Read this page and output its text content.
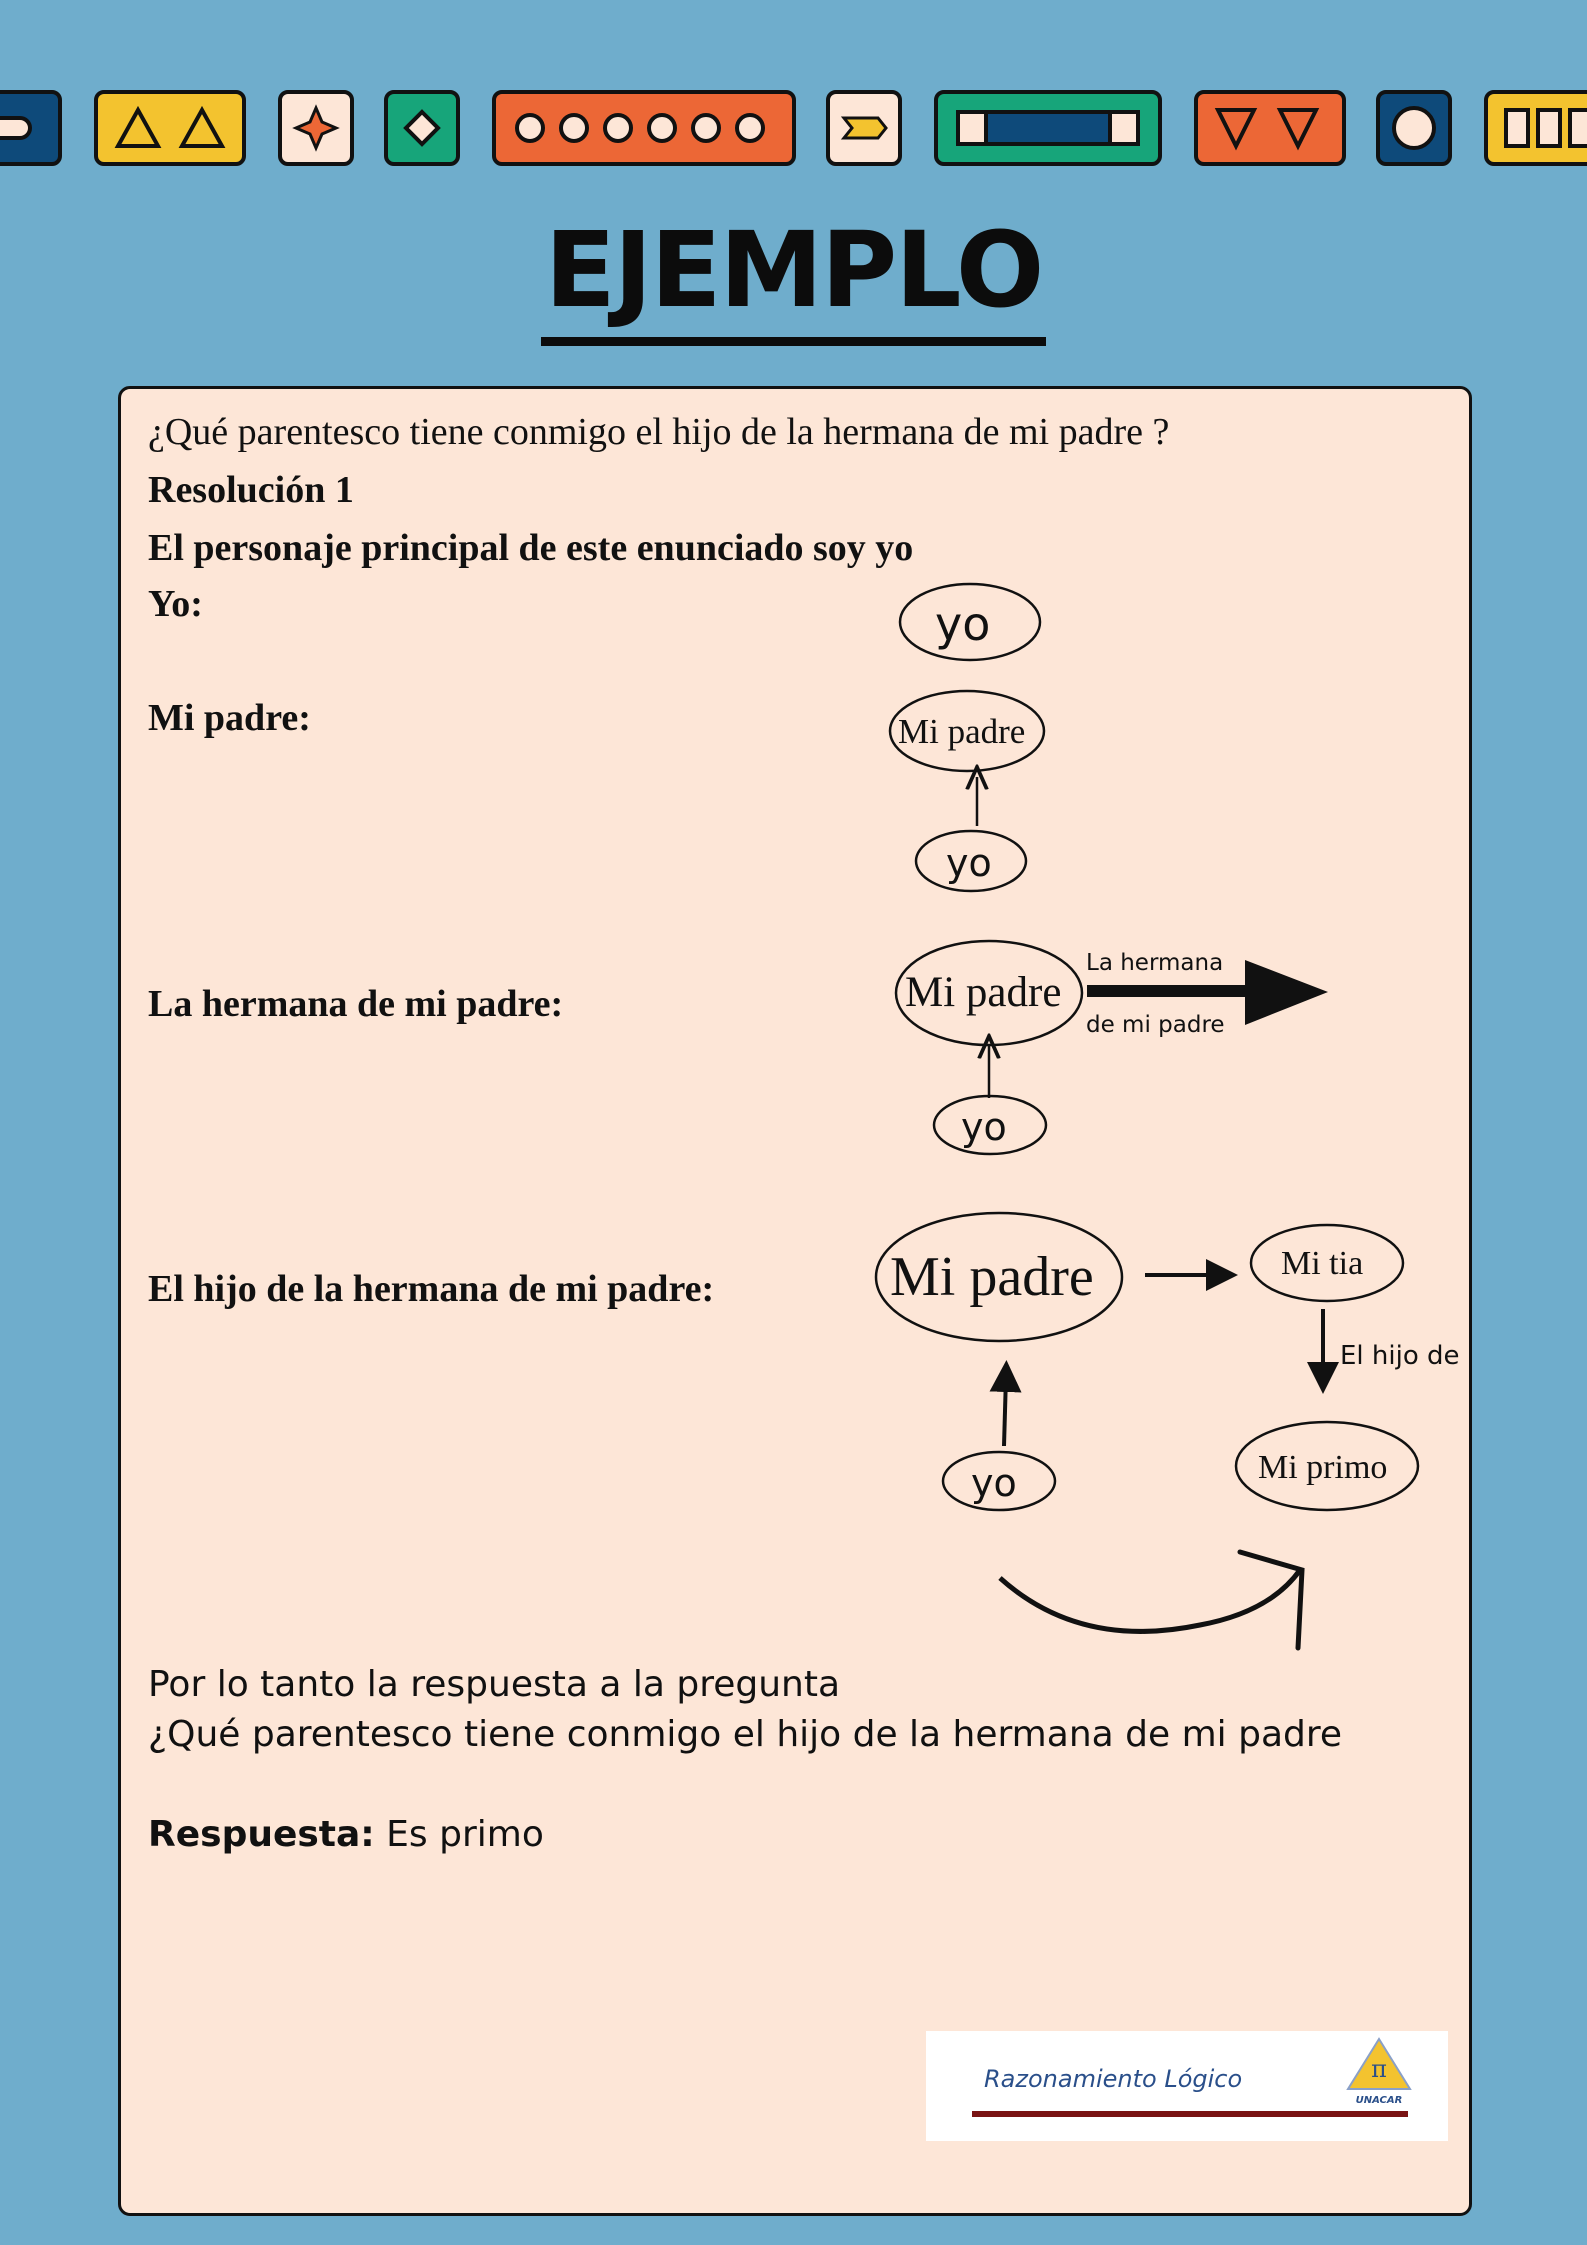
EJEMPLO
¿Qué parentesco tiene conmigo el hijo de la hermana de mi padre ?
Resolución 1
El personaje principal de este enunciado soy yo
Yo:
Mi padre:
La hermana de mi padre:
El hijo de la hermana de mi padre:
yo
Mi padre
yo
Mi padre
La hermana
de mi padre
yo
Mi padre	Mi tia
El hijo de
yo	Mi primo
Por lo tanto la respuesta a la pregunta
¿Qué parentesco tiene conmigo el hijo de la hermana de mi padre
Respuesta: Es primo
Razonamiento Lógico	π
UNACAR
